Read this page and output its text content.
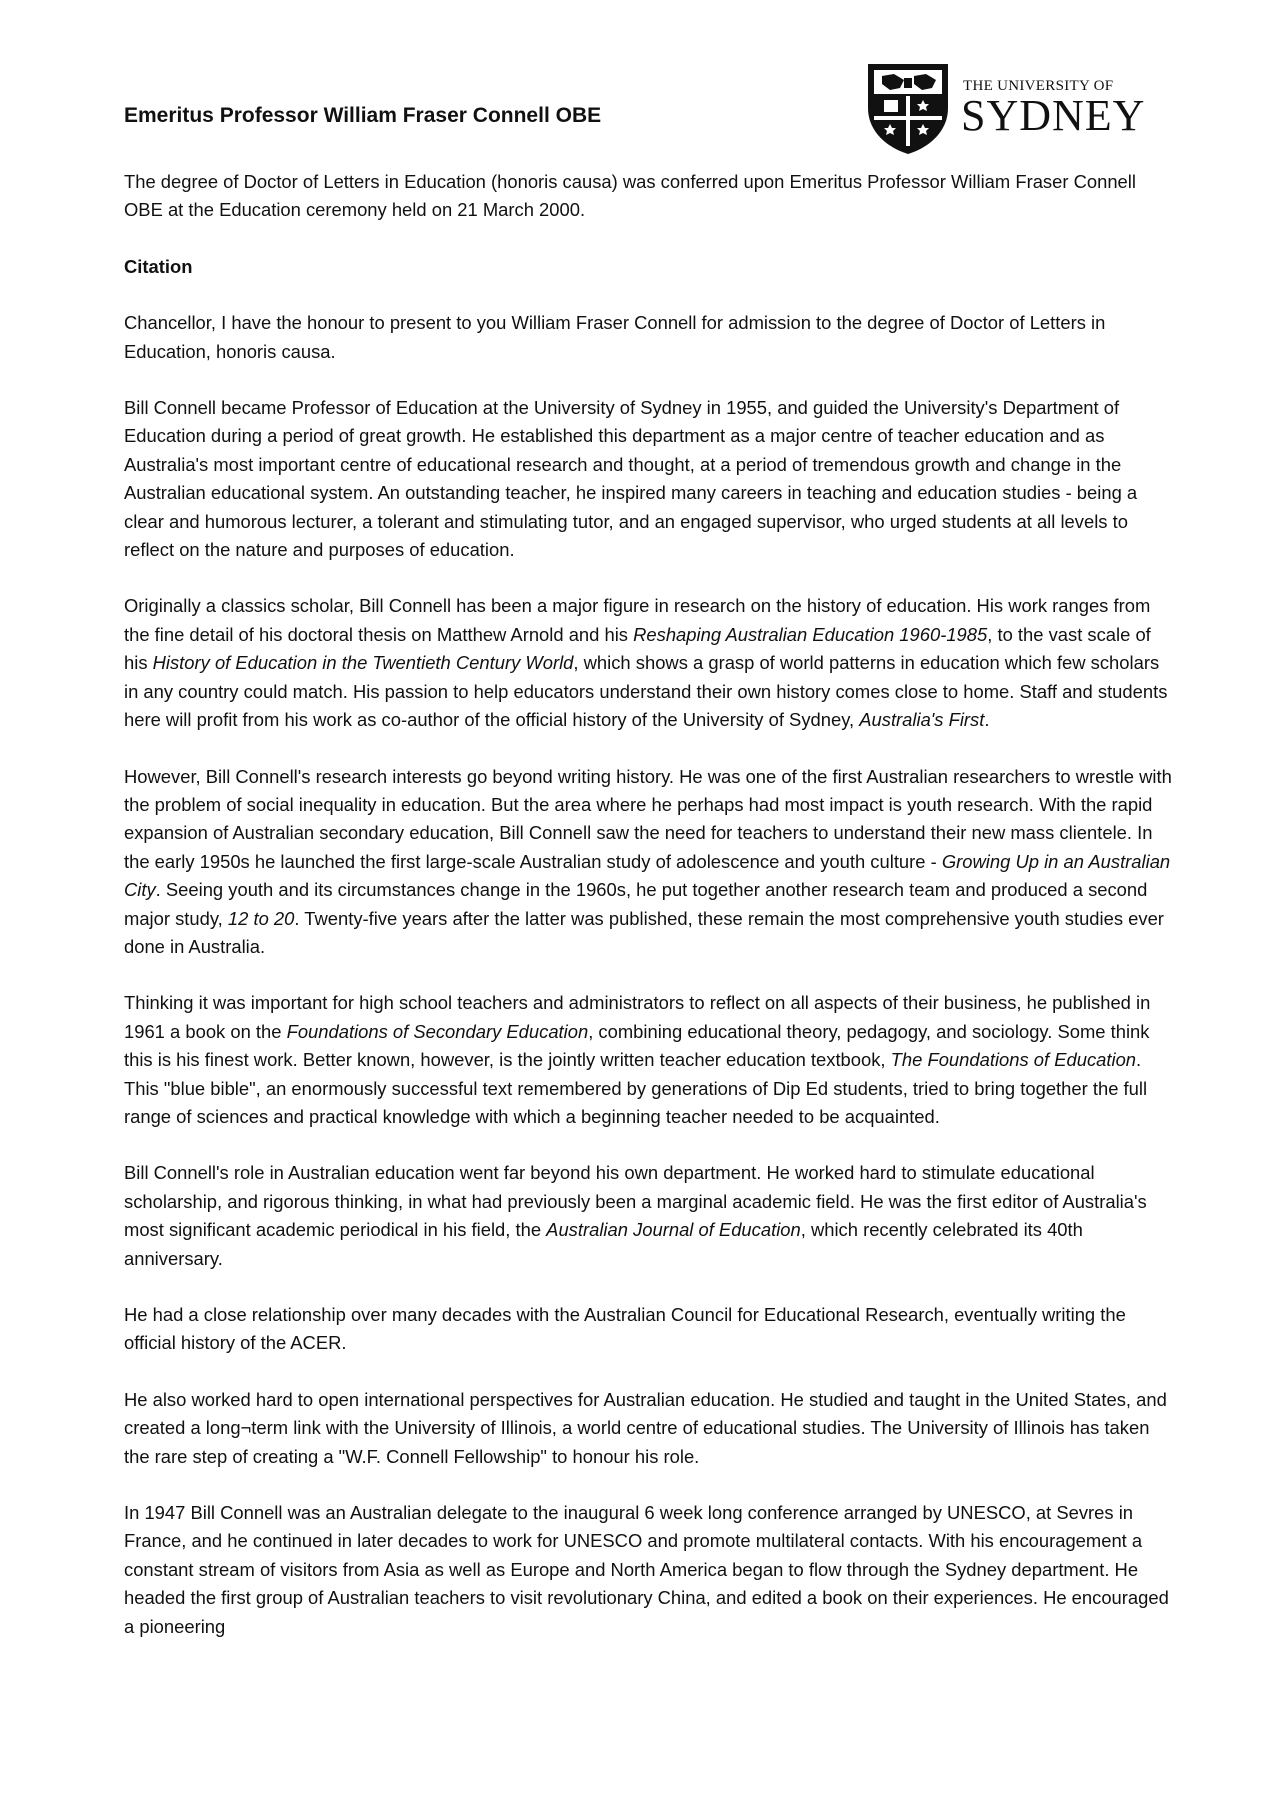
Emeritus Professor William Fraser Connell OBE
THE UNIVERSITY OF
SYDNEY

The degree of Doctor of Letters in Education (honoris causa) was conferred upon Emeritus Professor William Fraser Connell OBE at the Education ceremony held on 21 March 2000.

Citation

Chancellor, I have the honour to present to you William Fraser Connell for admission to the degree of Doctor of Letters in Education, honoris causa.

Bill Connell became Professor of Education at the University of Sydney in 1955, and guided the University's Department of Education during a period of great growth. He established this department as a major centre of teacher education and as Australia's most important centre of educational research and thought, at a period of tremendous growth and change in the Australian educational system. An outstanding teacher, he inspired many careers in teaching and education studies - being a clear and humorous lecturer, a tolerant and stimulating tutor, and an engaged supervisor, who urged students at all levels to reflect on the nature and purposes of education.

Originally a classics scholar, Bill Connell has been a major figure in research on the history of education. His work ranges from the fine detail of his doctoral thesis on Matthew Arnold and his Reshaping Australian Education 1960-1985, to the vast scale of his History of Education in the Twentieth Century World, which shows a grasp of world patterns in education which few scholars in any country could match. His passion to help educators understand their own history comes close to home. Staff and students here will profit from his work as co-author of the official history of the University of Sydney, Australia's First.

However, Bill Connell's research interests go beyond writing history. He was one of the first Australian researchers to wrestle with the problem of social inequality in education. But the area where he perhaps had most impact is youth research. With the rapid expansion of Australian secondary education, Bill Connell saw the need for teachers to understand their new mass clientele. In the early 1950s he launched the first large-scale Australian study of adolescence and youth culture - Growing Up in an Australian City. Seeing youth and its circumstances change in the 1960s, he put together another research team and produced a second major study, 12 to 20. Twenty-five years after the latter was published, these remain the most comprehensive youth studies ever done in Australia.

Thinking it was important for high school teachers and administrators to reflect on all aspects of their business, he published in 1961 a book on the Foundations of Secondary Education, combining educational theory, pedagogy, and sociology. Some think this is his finest work. Better known, however, is the jointly written teacher education textbook, The Foundations of Education. This "blue bible", an enormously successful text remembered by generations of Dip Ed students, tried to bring together the full range of sciences and practical knowledge with which a beginning teacher needed to be acquainted.

Bill Connell's role in Australian education went far beyond his own department. He worked hard to stimulate educational scholarship, and rigorous thinking, in what had previously been a marginal academic field. He was the first editor of Australia's most significant academic periodical in his field, the Australian Journal of Education, which recently celebrated its 40th anniversary.

He had a close relationship over many decades with the Australian Council for Educational Research, eventually writing the official history of the ACER.

He also worked hard to open international perspectives for Australian education. He studied and taught in the United States, and created a long¬term link with the University of Illinois, a world centre of educational studies. The University of Illinois has taken the rare step of creating a "W.F. Connell Fellowship" to honour his role.

In 1947 Bill Connell was an Australian delegate to the inaugural 6 week long conference arranged by UNESCO, at Sevres in France, and he continued in later decades to work for UNESCO and promote multilateral contacts. With his encouragement a constant stream of visitors from Asia as well as Europe and North America began to flow through the Sydney department. He headed the first group of Australian teachers to visit revolutionary China, and edited a book on their experiences. He encouraged a pioneering
